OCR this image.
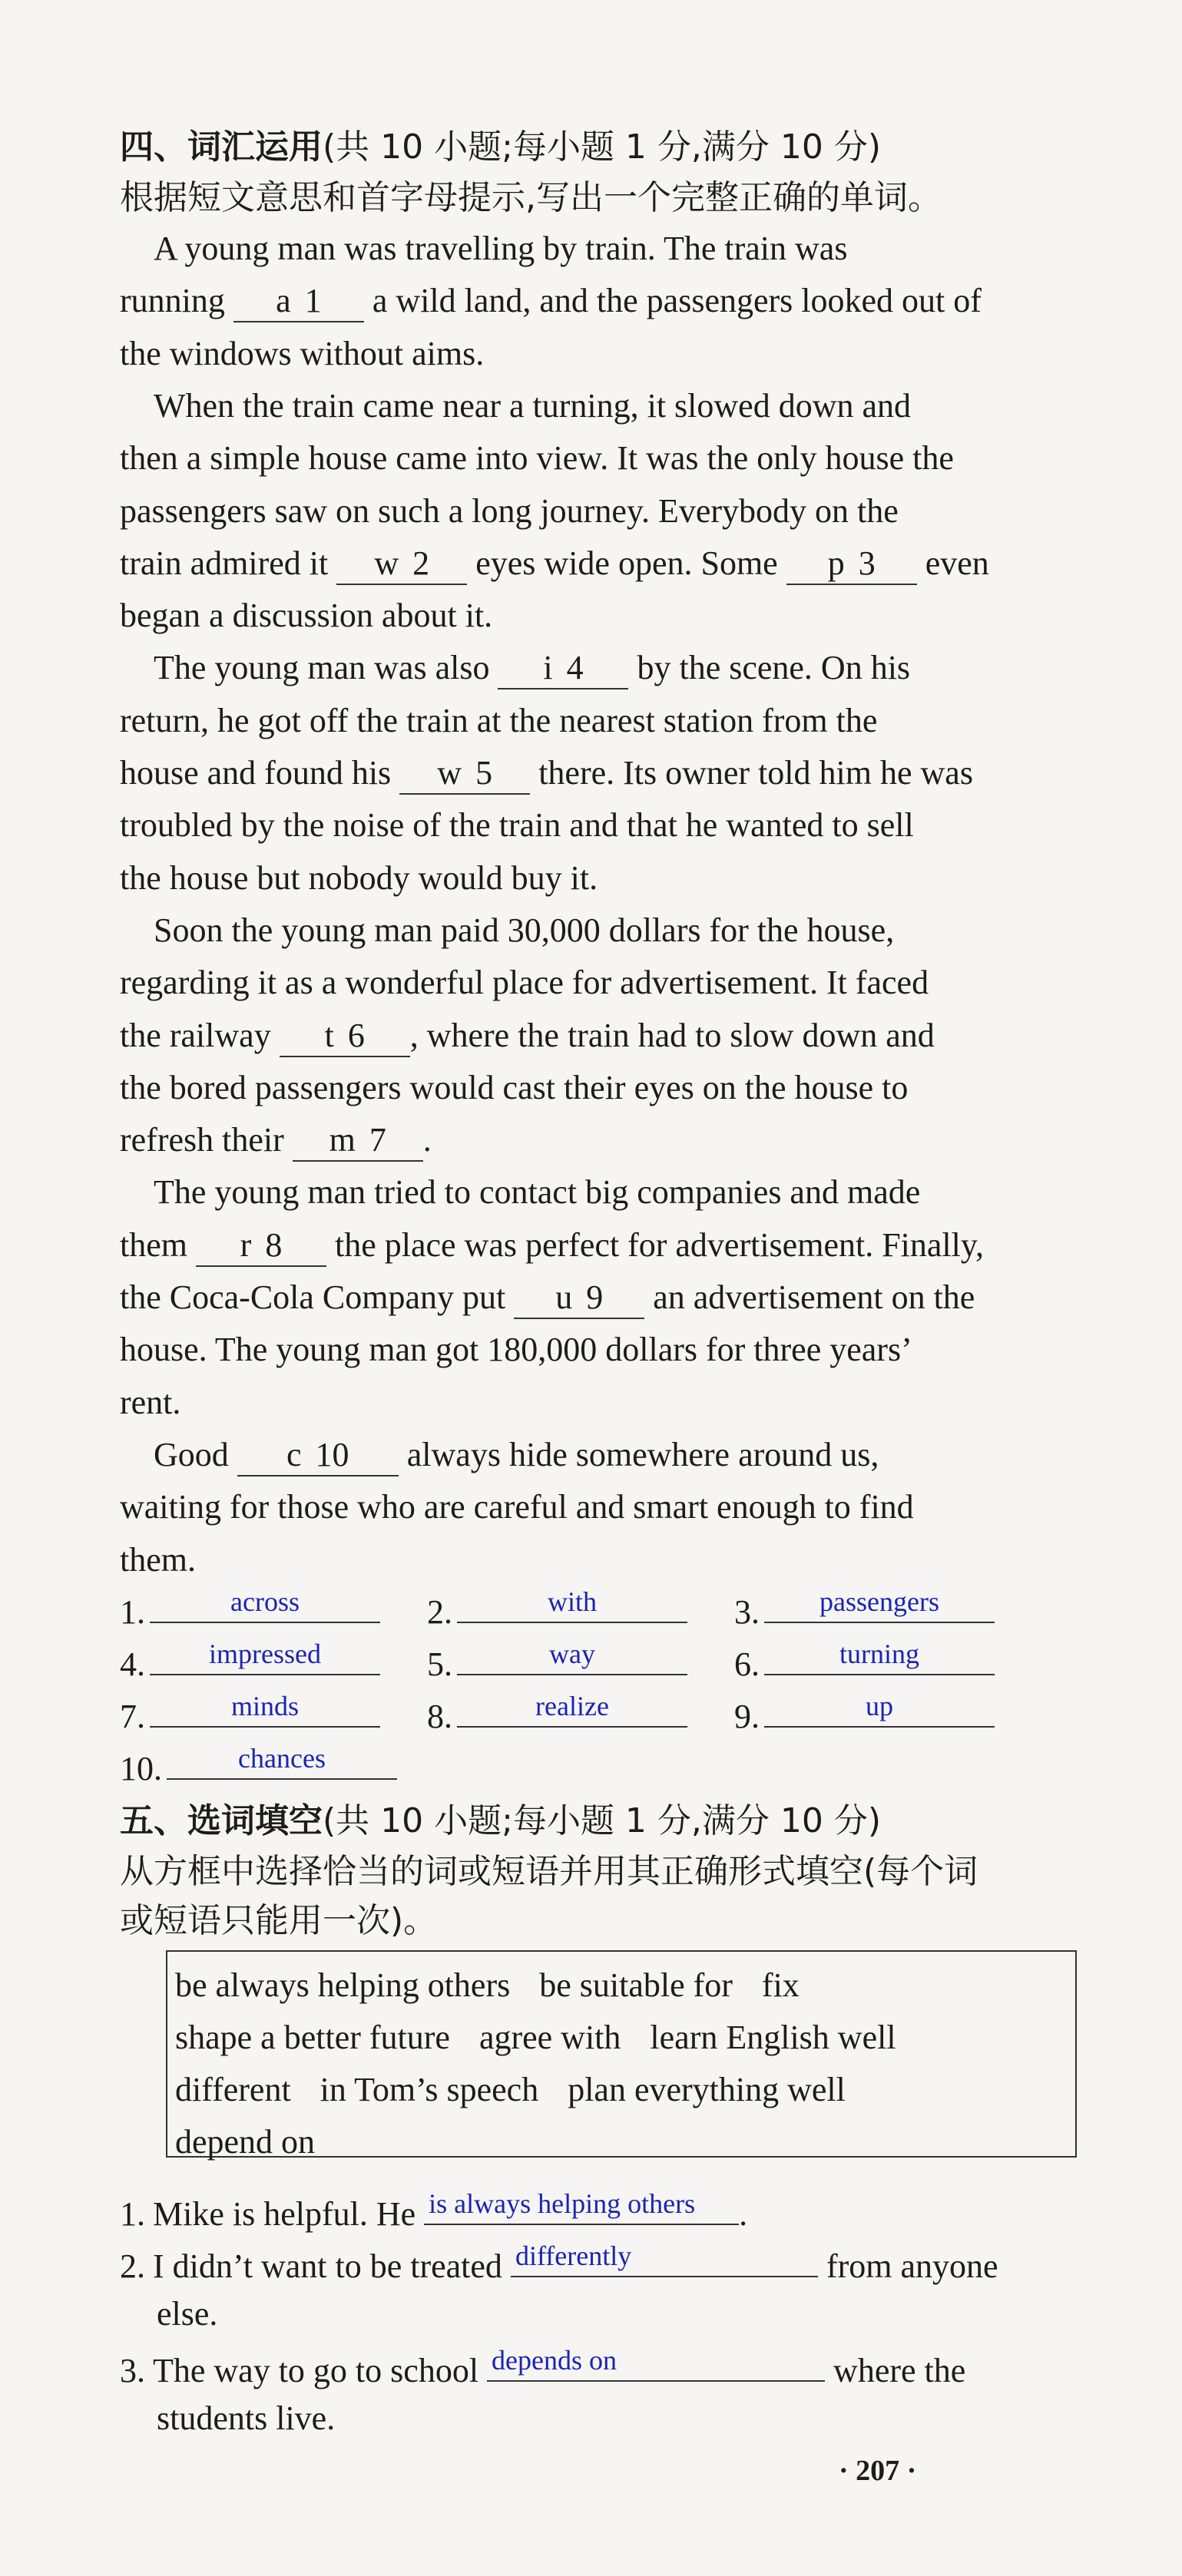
四、词汇运用(共 10 小题;每小题 1 分,满分 10 分)
根据短文意思和首字母提示,写出一个完整正确的单词。
　A young man was travelling by train. The train was
running a 1 a wild land, and the passengers looked out of
the windows without aims.
　When the train came near a turning, it slowed down and
then a simple house came into view. It was the only house the
passengers saw on such a long journey. Everybody on the
train admired it w 2 eyes wide open. Some p 3 even
began a discussion about it.
　The young man was also i 4 by the scene. On his
return, he got off the train at the nearest station from the
house and found his w 5 there. Its owner told him he was
troubled by the noise of the train and that he wanted to sell
the house but nobody would buy it.
　Soon the young man paid 30,000 dollars for the house,
regarding it as a wonderful place for advertisement. It faced
the railway t 6 , where the train had to slow down and
the bored passengers would cast their eyes on the house to
refresh their m 7 .
　The young man tried to contact big companies and made
them r 8 the place was perfect for advertisement. Finally,
the Coca-Cola Company put u 9 an advertisement on the
house. The young man got 180,000 dollars for three years’
rent.
　Good c 10 always hide somewhere around us,
waiting for those who are careful and smart enough to find
them.
1.	across	2.	with	3.	passengers
4.	impressed	5.	way	6.	turning
7.	minds	8.	realize	9.	up
10.	chances
五、选词填空(共 10 小题;每小题 1 分,满分 10 分)
从方框中选择恰当的词或短语并用其正确形式填空(每个词
或短语只能用一次)。
be always helping others be suitable for fix
shape a better future agree with learn English well
different in Tom’s speech plan everything well
depend on
1. Mike is helpful. He is always helping others	.
2. I didn’t want to be treated differently	from anyone
else.
3. The way to go to school depends on	where the
students live.
· 207 ·
